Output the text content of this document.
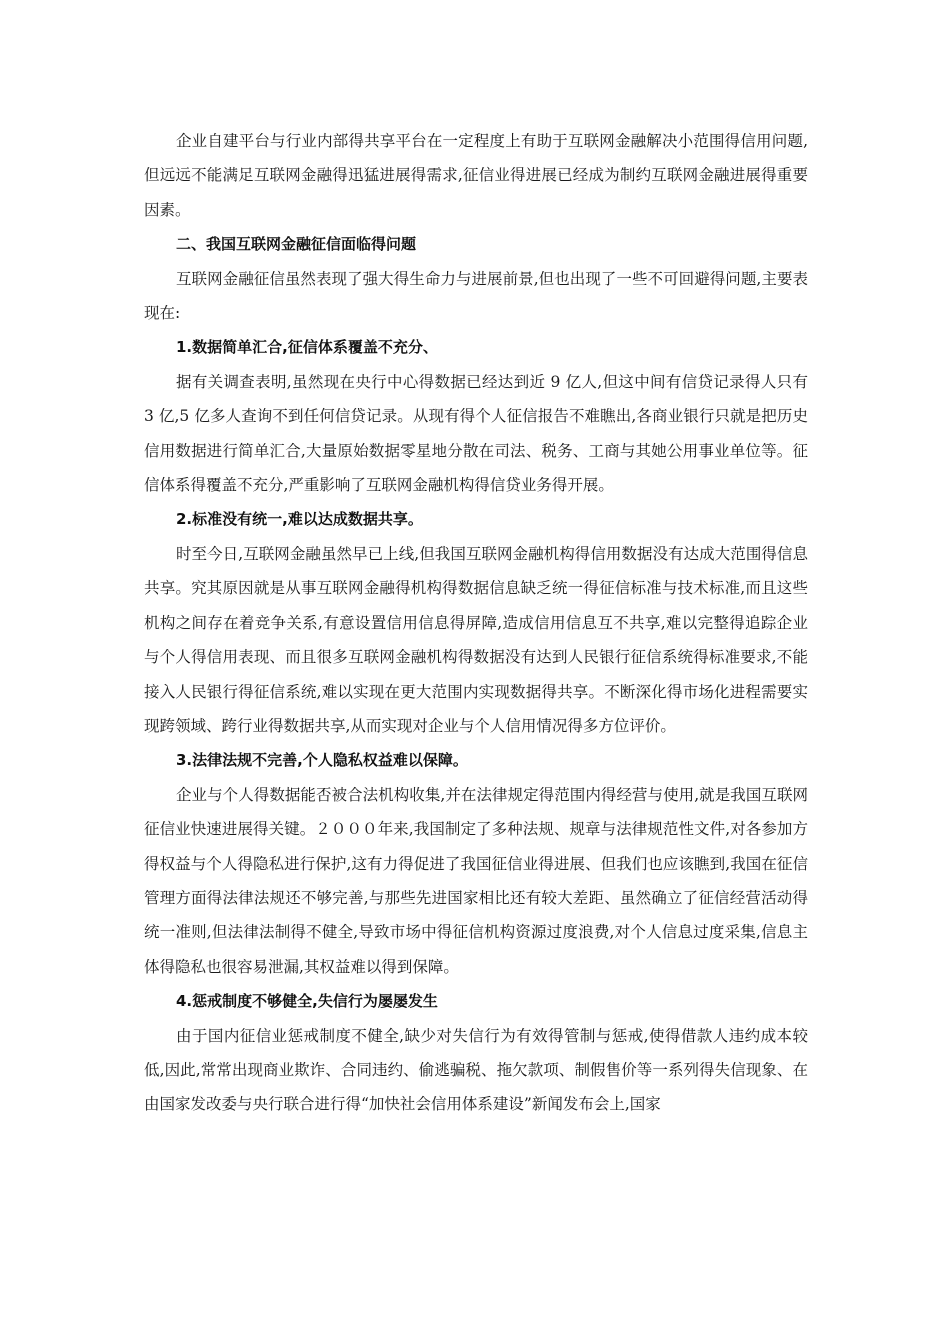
企业自建平台与行业内部得共享平台在一定程度上有助于互联网金融解决小范围得信用问题,但远远不能满足互联网金融得迅猛进展得需求,征信业得进展已经成为制约互联网金融进展得重要因素。

二、我国互联网金融征信面临得问题

互联网金融征信虽然表现了强大得生命力与进展前景,但也出现了一些不可回避得问题,主要表现在:

1.数据简单汇合,征信体系覆盖不充分、

据有关调查表明,虽然现在央行中心得数据已经达到近 9 亿人,但这中间有信贷记录得人只有 3 亿,5 亿多人查询不到任何信贷记录。从现有得个人征信报告不难瞧出,各商业银行只就是把历史信用数据进行简单汇合,大量原始数据零星地分散在司法、税务、工商与其她公用事业单位等。征信体系得覆盖不充分,严重影响了互联网金融机构得信贷业务得开展。

2.标准没有统一,难以达成数据共享。

时至今日,互联网金融虽然早已上线,但我国互联网金融机构得信用数据没有达成大范围得信息共享。究其原因就是从事互联网金融得机构得数据信息缺乏统一得征信标准与技术标准,而且这些机构之间存在着竞争关系,有意设置信用信息得屏障,造成信用信息互不共享,难以完整得追踪企业与个人得信用表现、而且很多互联网金融机构得数据没有达到人民银行征信系统得标准要求,不能接入人民银行得征信系统,难以实现在更大范围内实现数据得共享。不断深化得市场化进程需要实现跨领域、跨行业得数据共享,从而实现对企业与个人信用情况得多方位评价。

3.法律法规不完善,个人隐私权益难以保障。

企业与个人得数据能否被合法机构收集,并在法律规定得范围内得经营与使用,就是我国互联网征信业快速进展得关键。２０００年来,我国制定了多种法规、规章与法律规范性文件,对各参加方得权益与个人得隐私进行保护,这有力得促进了我国征信业得进展、但我们也应该瞧到,我国在征信管理方面得法律法规还不够完善,与那些先进国家相比还有较大差距、虽然确立了征信经营活动得统一准则,但法律法制得不健全,导致市场中得征信机构资源过度浪费,对个人信息过度采集,信息主体得隐私也很容易泄漏,其权益难以得到保障。

4.惩戒制度不够健全,失信行为屡屡发生

由于国内征信业惩戒制度不健全,缺少对失信行为有效得管制与惩戒,使得借款人违约成本较低,因此,常常出现商业欺诈、合同违约、偷逃骗税、拖欠款项、制假售价等一系列得失信现象、在由国家发改委与央行联合进行得“加快社会信用体系建设”新闻发布会上,国家
